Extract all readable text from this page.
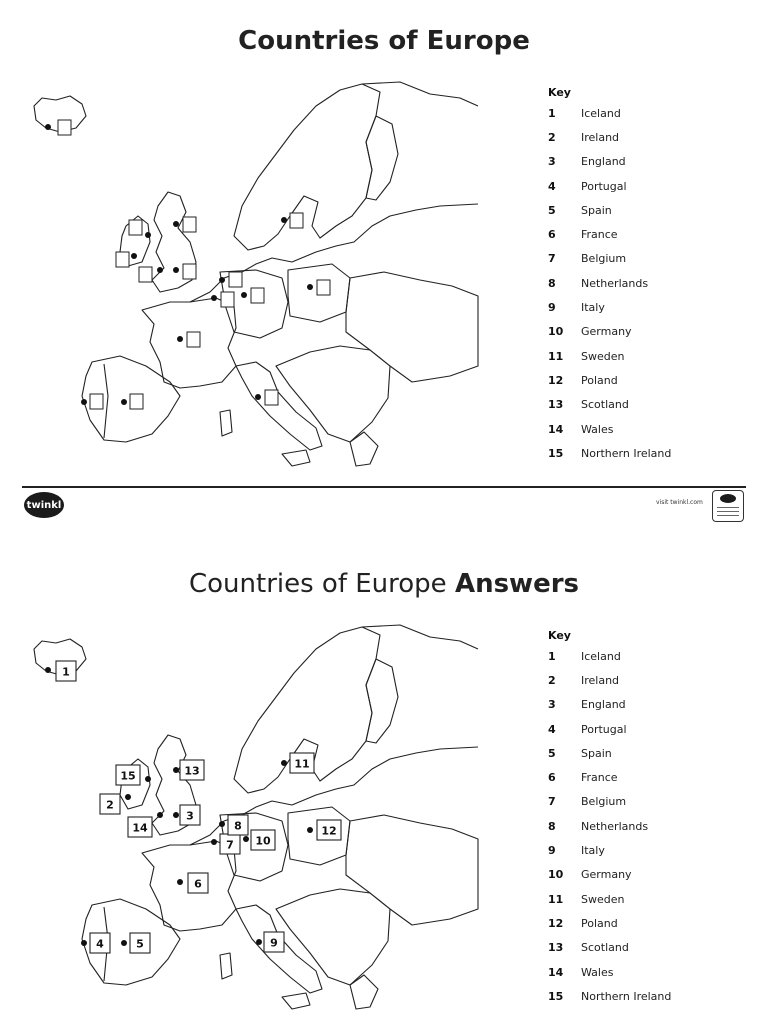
Countries of Europe
Key
1	Iceland
2	Ireland
3	England
4	Portugal
5	Spain
6	France
7	Belgium
8	Netherlands
9	Italy
10	Germany
11	Sweden
12	Poland
13	Scotland
14	Wales
15	Northern Ireland
twinkl	visit twinkl.com
Countries of Europe Answers
1
2
3
4	5
6
7
8
9
10
11
12
13
14
15
Key
1	Iceland
2	Ireland
3	England
4	Portugal
5	Spain
6	France
7	Belgium
8	Netherlands
9	Italy
10	Germany
11	Sweden
12	Poland
13	Scotland
14	Wales
15	Northern Ireland
